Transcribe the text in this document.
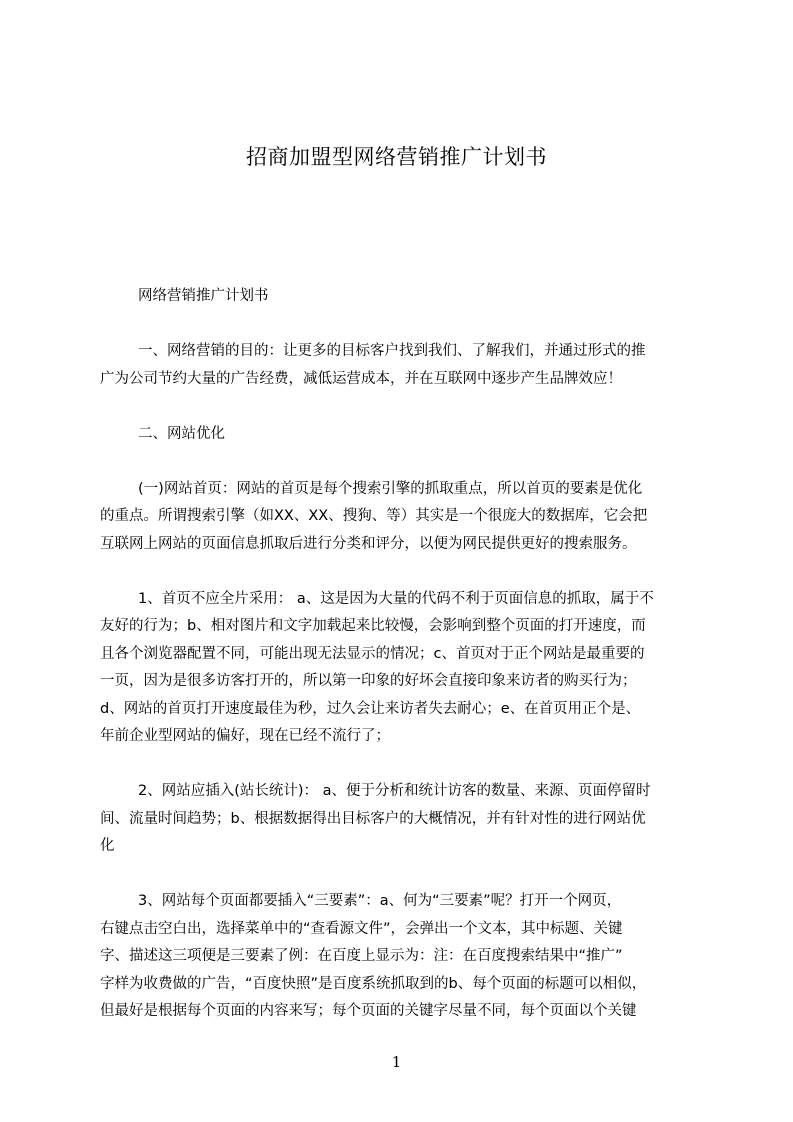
招商加盟型网络营销推广计划书
网络营销推广计划书
一、网络营销的目的：让更多的目标客户找到我们、了解我们，并通过形式的推
广为公司节约大量的广告经费，减低运营成本，并在互联网中逐步产生品牌效应！
二、网站优化
(一)网站首页：网站的首页是每个搜索引擎的抓取重点，所以首页的要素是优化
的重点。所谓搜索引擎（如XX、XX、搜狗、等）其实是一个很庞大的数据库，它会把
互联网上网站的页面信息抓取后进行分类和评分，以便为网民提供更好的搜索服务。
1、首页不应全片采用： a、这是因为大量的代码不利于页面信息的抓取，属于不
友好的行为；b、相对图片和文字加载起来比较慢，会影响到整个页面的打开速度，而
且各个浏览器配置不同，可能出现无法显示的情况；c、首页对于正个网站是最重要的
一页，因为是很多访客打开的，所以第一印象的好坏会直接印象来访者的购买行为；
d、网站的首页打开速度最佳为秒，过久会让来访者失去耐心；e、在首页用正个是、
年前企业型网站的偏好，现在已经不流行了；
2、网站应插入(站长统计)： a、便于分析和统计访客的数量、来源、页面停留时
间、流量时间趋势；b、根据数据得出目标客户的大概情况，并有针对性的进行网站优
化
3、网站每个页面都要插入“三要素”：a、何为“三要素”呢？打开一个网页，
右键点击空白出，选择菜单中的“查看源文件”，会弹出一个文本，其中标题、关键
字、描述这三项便是三要素了例：在百度上显示为：注：在百度搜索结果中“推广”
字样为收费做的广告，“百度快照”是百度系统抓取到的b、每个页面的标题可以相似，
但最好是根据每个页面的内容来写；每个页面的关键字尽量不同，每个页面以个关键
1
